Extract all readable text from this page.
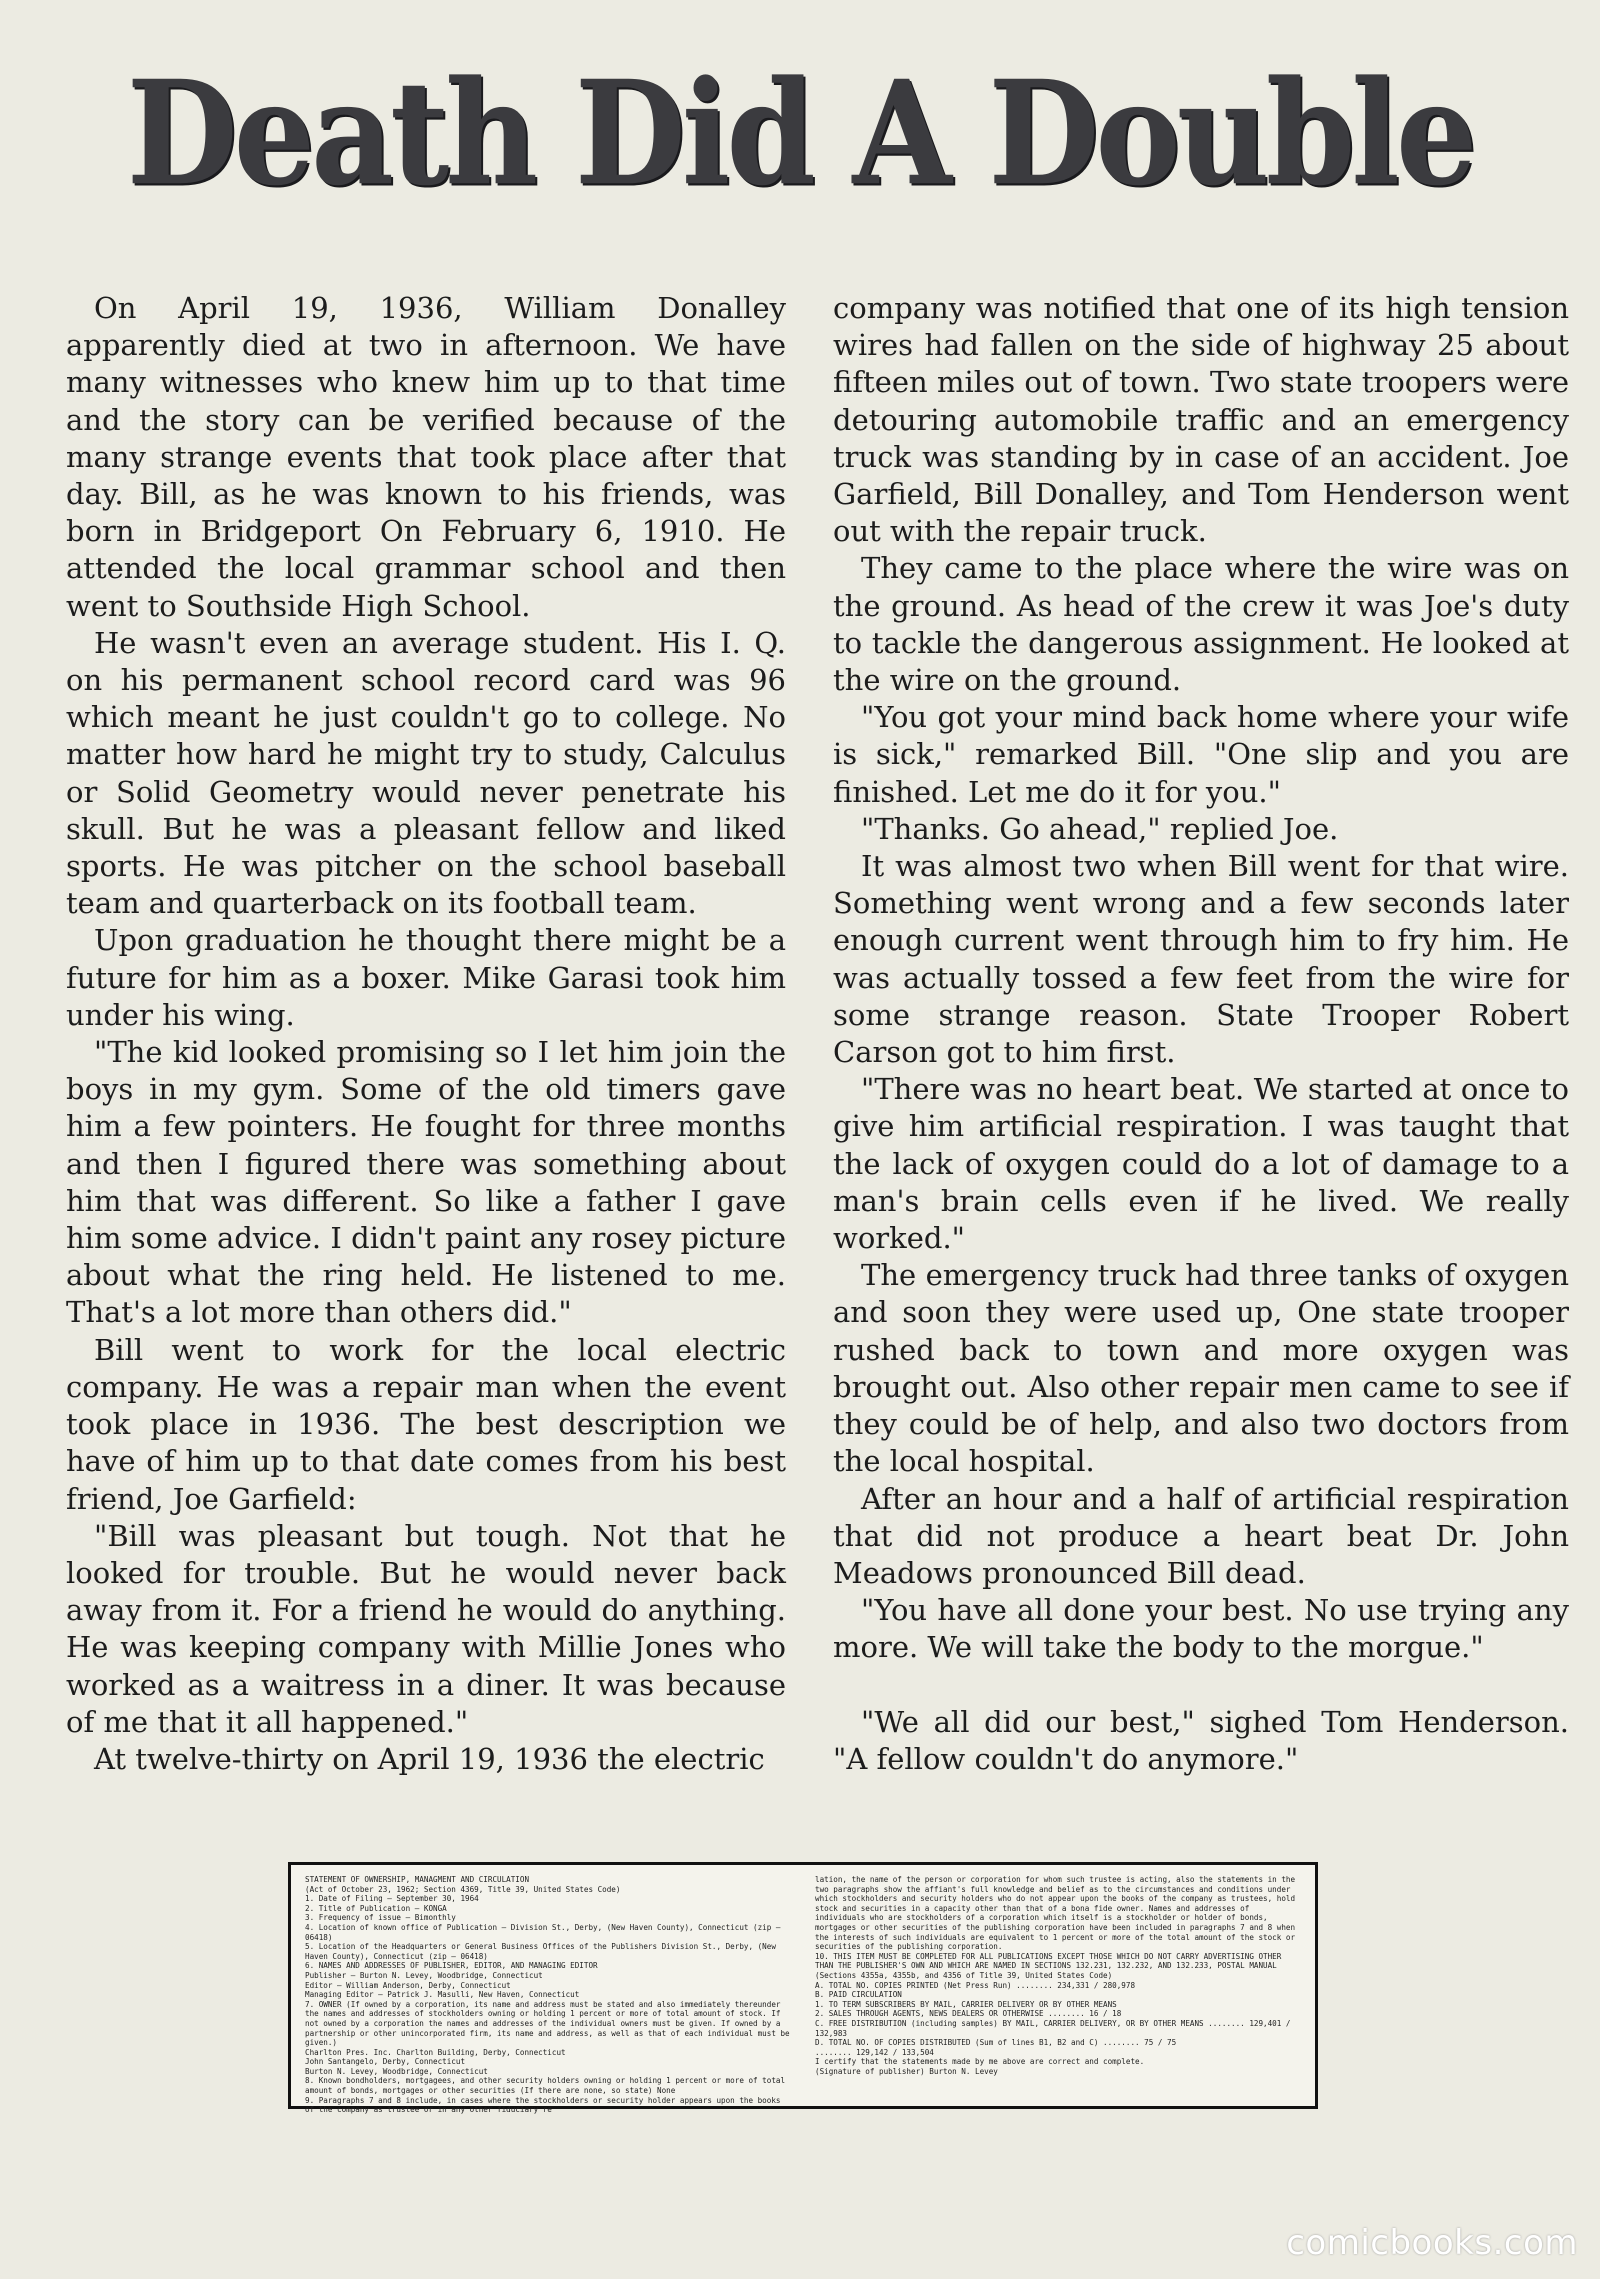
Death Did A Double

On April 19, 1936, William Donalley apparently died at two in afternoon. We have many witnesses who knew him up to that time and the story can be verified because of the many strange events that took place after that day. Bill, as he was known to his friends, was born in Bridgeport On February 6, 1910. He attended the local grammar school and then went to Southside High School.

He wasn't even an average student. His I. Q. on his permanent school record card was 96 which meant he just couldn't go to college. No matter how hard he might try to study, Calculus or Solid Geometry would never penetrate his skull. But he was a pleasant fellow and liked sports. He was pitcher on the school baseball team and quarterback on its football team.

Upon graduation he thought there might be a future for him as a boxer. Mike Garasi took him under his wing.

"The kid looked promising so I let him join the boys in my gym. Some of the old timers gave him a few pointers. He fought for three months and then I figured there was something about him that was different. So like a father I gave him some advice. I didn't paint any rosey picture about what the ring held. He listened to me. That's a lot more than others did."

Bill went to work for the local electric company. He was a repair man when the event took place in 1936. The best description we have of him up to that date comes from his best friend, Joe Garfield:

"Bill was pleasant but tough. Not that he looked for trouble. But he would never back away from it. For a friend he would do anything. He was keeping company with Millie Jones who worked as a waitress in a diner. It was because of me that it all happened."

At twelve-thirty on April 19, 1936 the electric

company was notified that one of its high tension wires had fallen on the side of highway 25 about fifteen miles out of town. Two state troopers were detouring automobile traffic and an emergency truck was standing by in case of an accident. Joe Garfield, Bill Donalley, and Tom Henderson went out with the repair truck.

They came to the place where the wire was on the ground. As head of the crew it was Joe's duty to tackle the dangerous assignment. He looked at the wire on the ground.

"You got your mind back home where your wife is sick," remarked Bill. "One slip and you are finished. Let me do it for you."

"Thanks. Go ahead," replied Joe.

It was almost two when Bill went for that wire. Something went wrong and a few seconds later enough current went through him to fry him. He was actually tossed a few feet from the wire for some strange reason. State Trooper Robert Carson got to him first.

"There was no heart beat. We started at once to give him artificial respiration. I was taught that the lack of oxygen could do a lot of damage to a man's brain cells even if he lived. We really worked."

The emergency truck had three tanks of oxygen and soon they were used up, One state trooper rushed back to town and more oxygen was brought out. Also other repair men came to see if they could be of help, and also two doctors from the local hospital.

After an hour and a half of artificial respiration that did not produce a heart beat Dr. John Meadows pronounced Bill dead.

"You have all done your best. No use trying any more. We will take the body to the morgue."

"We all did our best," sighed Tom Henderson. "A fellow couldn't do anymore."

STATEMENT OF OWNERSHIP, MANAGMENT AND CIRCULATION
(Act of October 23, 1962; Section 4369, Title 39, United States Code)
1. Date of Filing — September 30, 1964
2. Title of Publication — KONGA
3. Frequency of issue — Bimonthly
4. Location of known office of Publication — Division St., Derby, (New Haven County), Connecticut (zip — 06418)
5. Location of the Headquarters or General Business Offices of the Publishers Division St., Derby, (New Haven County), Connecticut (zip — 06418)
6. NAMES AND ADDRESSES OF PUBLISHER, EDITOR, AND MANAGING EDITOR
Publisher — Burton N. Levey, Woodbridge, Connecticut
Editor — William Anderson, Derby, Connecticut
Managing Editor — Patrick J. Masulli, New Haven, Connecticut
7. OWNER (If owned by a corporation, its name and address must be stated and also immediately thereunder the names and addresses of stockholders owning or holding 1 percent or more of total amount of stock. If not owned by a corporation the names and addresses of the individual owners must be given. If owned by a partnership or other unincorporated firm, its name and address, as well as that of each individual must be given.)
Charlton Pres. Inc. Charlton Building, Derby, Connecticut
John Santangelo, Derby, Connecticut
Burton N. Levey, Woodbridge, Connecticut
8. Known bondholders, mortgagees, and other security holders owning or holding 1 percent or more of total amount of bonds, mortgages or other securities (If there are none, so state) None
9. Paragraphs 7 and 8 include, in cases where the stockholders or security holder appears upon the books of the company as trustee or in any other fiduciary re
lation, the name of the person or corporation for whom such trustee is acting, also the statements in the two paragraphs show the affiant's full knowledge and belief as to the circumstances and conditions under which stockholders and security holders who do not appear upon the books of the company as trustees, hold stock and securities in a capacity other than that of a bona fide owner. Names and addresses of individuals who are stockholders of a corporation which itself is a stockholder or holder of bonds, mortgages or other securities of the publishing corporation have been included in paragraphs 7 and 8 when the interests of such individuals are equivalent to 1 percent or more of the total amount of the stock or securities of the publishing corporation.
10. THIS ITEM MUST BE COMPLETED FOR ALL PUBLICATIONS EXCEPT THOSE WHICH DO NOT CARRY ADVERTISING OTHER THAN THE PUBLISHER'S OWN AND WHICH ARE NAMED IN SECTIONS 132.231, 132.232, AND 132.233, POSTAL MANUAL (Sections 4355a, 4355b, and 4356 of Title 39, United States Code)
A. TOTAL NO. COPIES PRINTED (Net Press Run) ........ 234,331 / 280,978
B. PAID CIRCULATION
1. TO TERM SUBSCRIBERS BY MAIL, CARRIER DELIVERY OR BY OTHER MEANS
2. SALES THROUGH AGENTS, NEWS DEALERS OR OTHERWISE ........ 16 / 18
C. FREE DISTRIBUTION (including samples) BY MAIL, CARRIER DELIVERY, OR BY OTHER MEANS ........ 129,401 / 132,983
D. TOTAL NO. OF COPIES DISTRIBUTED (Sum of lines B1, B2 and C) ........ 75 / 75
........ 129,142 / 133,504
I certify that the statements made by me above are correct and complete.
(Signature of publisher) Burton N. Levey
comicbooks.com
